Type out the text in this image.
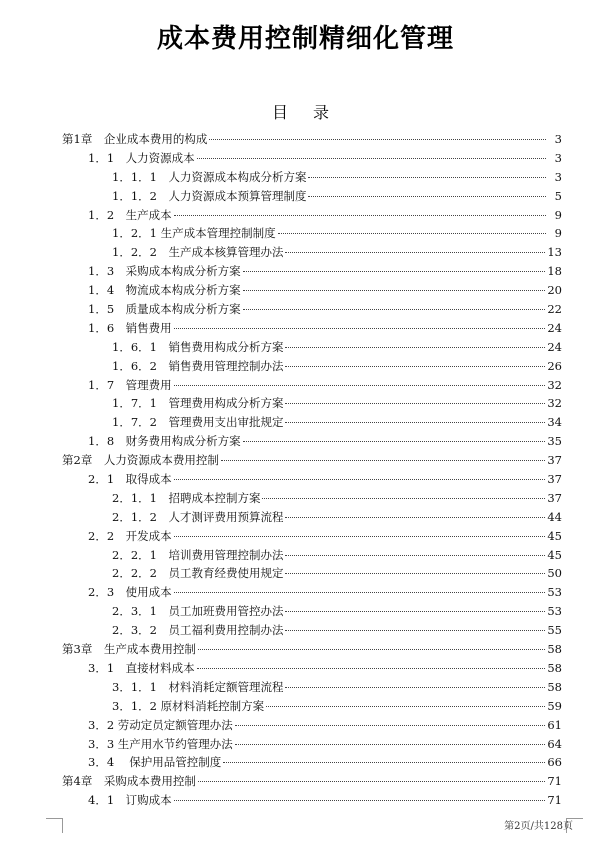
成本费用控制精细化管理
目 录
第1章　企业成本费用的构成	3
1．1　人力资源成本	3
1．1．1　人力资源成本构成分析方案	3
1．1．2　人力资源成本预算管理制度	5
1．2　生产成本	9
1．2．1 生产成本管理控制制度	9
1．2．2　生产成本核算管理办法	13
1．3　采购成本构成分析方案	18
1．4　物流成本构成分析方案	20
1．5　质量成本构成分析方案	22
1．6　销售费用	24
1．6．1　销售费用构成分析方案	24
1．6．2　销售费用管理控制办法	26
1．7　管理费用	32
1．7．1　管理费用构成分析方案	32
1．7．2　管理费用支出审批规定	34
1．8　财务费用构成分析方案	35
第2章　人力资源成本费用控制	37
2．1　取得成本	37
2．1．1　招聘成本控制方案	37
2．1．2　人才测评费用预算流程	44
2．2　开发成本	45
2．2．1　培训费用管理控制办法	45
2．2．2　员工教育经费使用规定	50
2．3　使用成本	53
2．3．1　员工加班费用管控办法	53
2．3．2　员工福利费用控制办法	55
第3章　生产成本费用控制	58
3．1　直接材料成本	58
3．1．1　材料消耗定额管理流程	58
3．1．2 原材料消耗控制方案	59
3．2 劳动定员定额管理办法	61
3．3 生产用水节约管理办法	64
3．4　 保护用品管控制度	66
第4章　采购成本费用控制	71
4．1　订购成本	71
第2页/共128页
